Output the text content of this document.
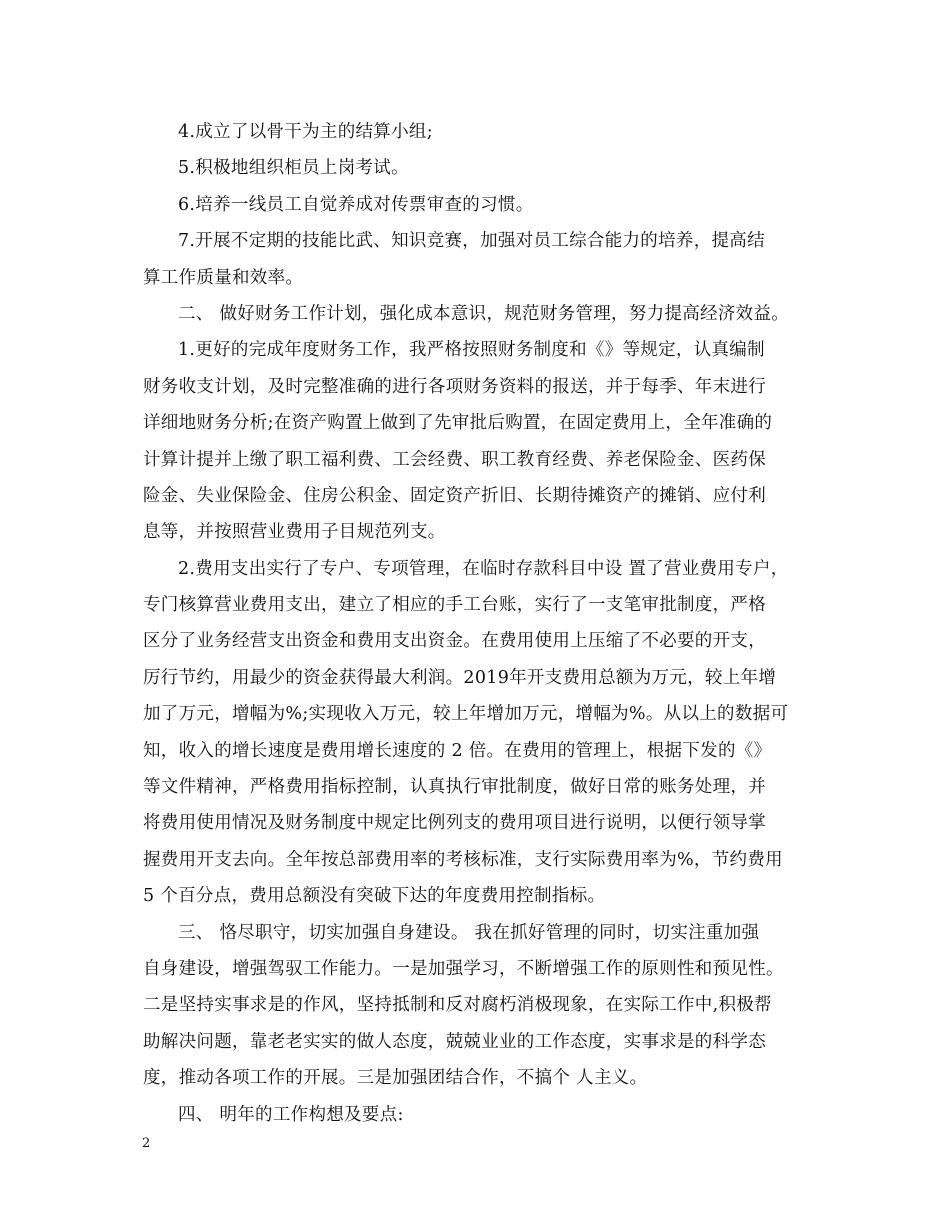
4.成立了以骨干为主的结算小组;
5.积极地组织柜员上岗考试。
6.培养一线员工自觉养成对传票审查的习惯。
7.开展不定期的技能比武、知识竞赛，加强对员工综合能力的培养，提高结
算工作质量和效率。
二、 做好财务工作计划，强化成本意识，规范财务管理，努力提高经济效益。
1.更好的完成年度财务工作，我严格按照财务制度和《》等规定，认真编制
财务收支计划，及时完整准确的进行各项财务资料的报送，并于每季、年末进行
详细地财务分析;在资产购置上做到了先审批后购置，在固定费用上，全年准确的
计算计提并上缴了职工福利费、工会经费、职工教育经费、养老保险金、医药保
险金、失业保险金、住房公积金、固定资产折旧、长期待摊资产的摊销、应付利
息等，并按照营业费用子目规范列支。
2.费用支出实行了专户、专项管理，在临时存款科目中设 置了营业费用专户，
专门核算营业费用支出，建立了相应的手工台账，实行了一支笔审批制度，严格
区分了业务经营支出资金和费用支出资金。在费用使用上压缩了不必要的开支，
厉行节约，用最少的资金获得最大利润。2019年开支费用总额为万元，较上年增
加了万元，增幅为%;实现收入万元，较上年增加万元，增幅为%。从以上的数据可
知，收入的增长速度是费用增长速度的 2 倍。在费用的管理上，根据下发的《》
等文件精神，严格费用指标控制，认真执行审批制度，做好日常的账务处理，并
将费用使用情况及财务制度中规定比例列支的费用项目进行说明，以便行领导掌
握费用开支去向。全年按总部费用率的考核标准，支行实际费用率为%，节约费用
5 个百分点，费用总额没有突破下达的年度费用控制指标。
三、 恪尽职守，切实加强自身建设。 我在抓好管理的同时，切实注重加强
自身建设，增强驾驭工作能力。一是加强学习，不断增强工作的原则性和预见性。
二是坚持实事求是的作风，坚持抵制和反对腐朽消极现象，在实际工作中,积极帮
助解决问题，靠老老实实的做人态度，兢兢业业的工作态度，实事求是的科学态
度，推动各项工作的开展。三是加强团结合作，不搞个 人主义。
四、 明年的工作构想及要点:
2
